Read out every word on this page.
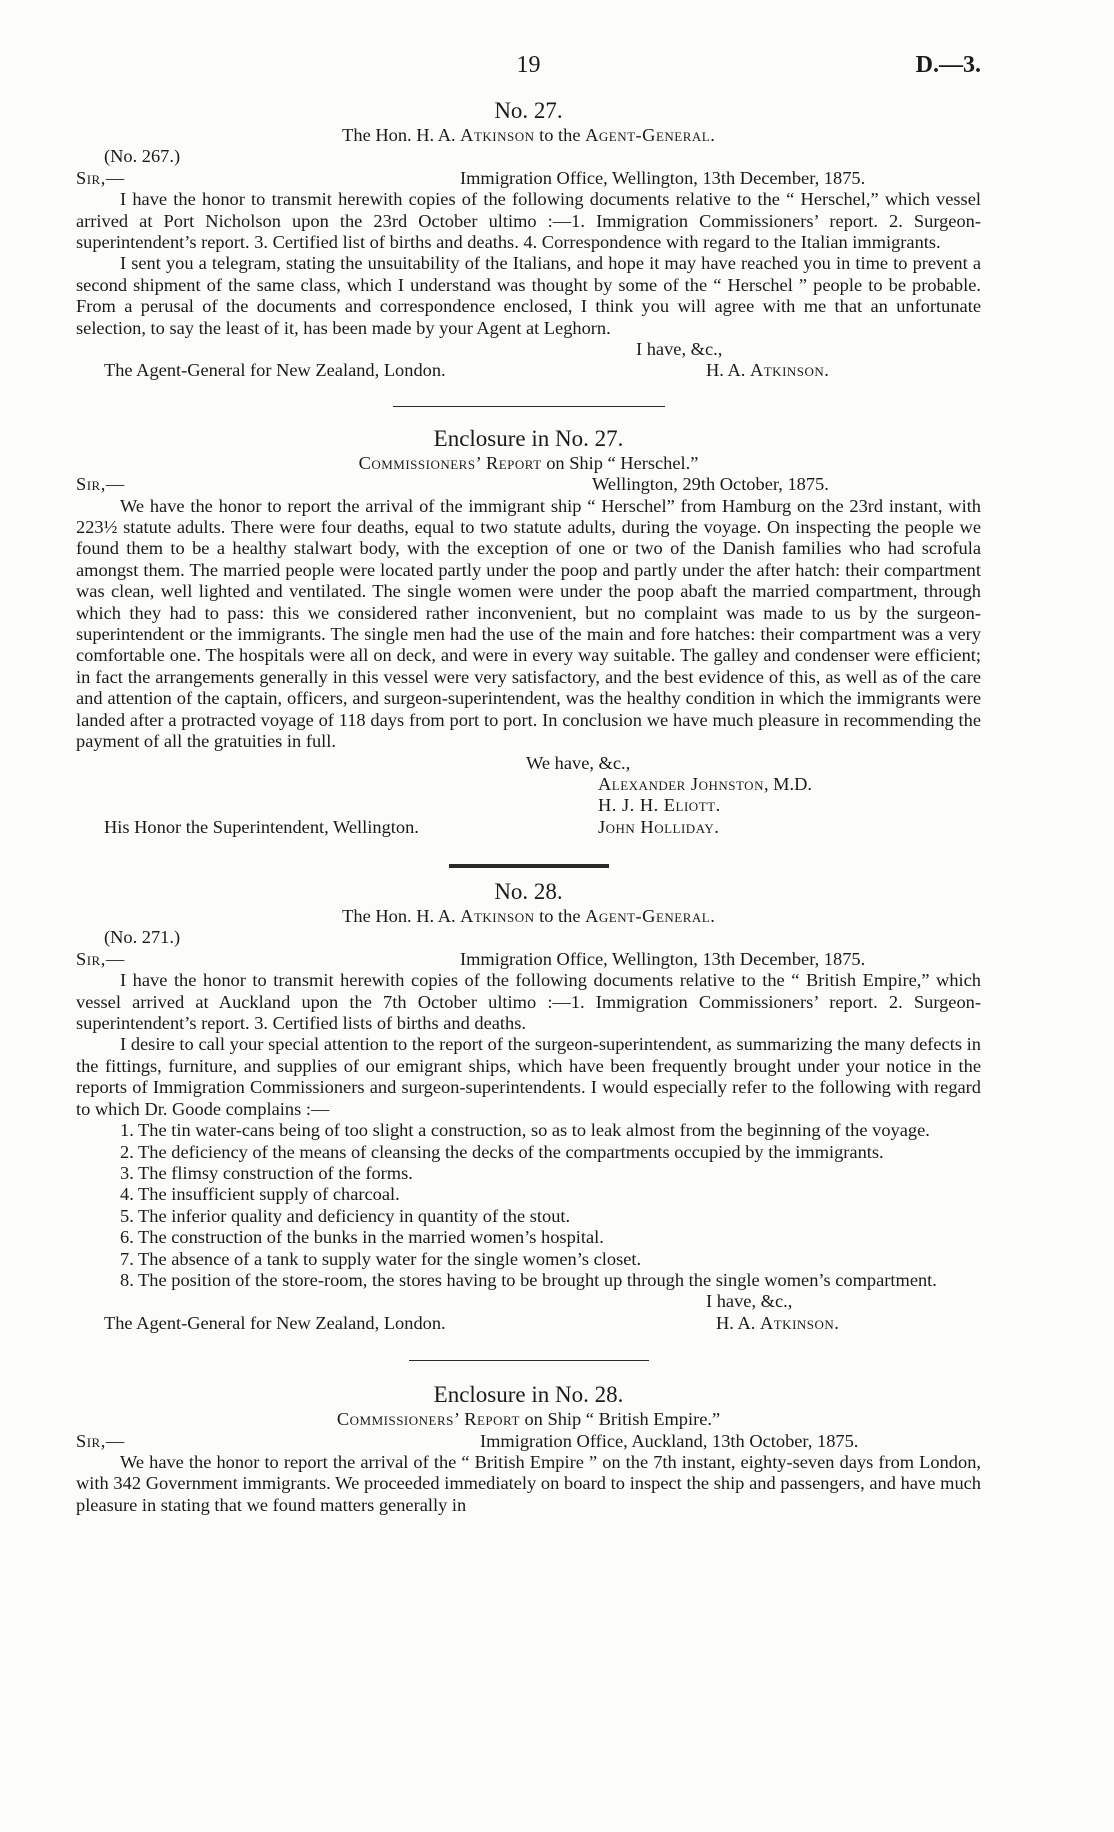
19	D.—3.
No. 27.
The Hon. H. A. Atkinson to the Agent-General.
(No. 267.)
Sir,—	Immigration Office, Wellington, 13th December, 1875.

I have the honor to transmit herewith copies of the following documents relative to the “ Herschel,” which vessel arrived at Port Nicholson upon the 23rd October ultimo :—1. Immigration Commissioners’ report. 2. Surgeon-superintendent’s report. 3. Certified list of births and deaths. 4. Correspondence with regard to the Italian immigrants.

I sent you a telegram, stating the unsuitability of the Italians, and hope it may have reached you in time to prevent a second shipment of the same class, which I understand was thought by some of the “ Herschel ” people to be probable. From a perusal of the documents and correspondence enclosed, I think you will agree with me that an unfortunate selection, to say the least of it, has been made by your Agent at Leghorn.

I have, &c.,
The Agent-General for New Zealand, London.	H. A. Atkinson.
Enclosure in No. 27.
Commissioners’ Report on Ship “ Herschel.”
Sir,—	Wellington, 29th October, 1875.

We have the honor to report the arrival of the immigrant ship “ Herschel” from Hamburg on the 23rd instant, with 223½ statute adults. There were four deaths, equal to two statute adults, during the voyage. On inspecting the people we found them to be a healthy stalwart body, with the exception of one or two of the Danish families who had scrofula amongst them. The married people were located partly under the poop and partly under the after hatch: their compartment was clean, well lighted and ventilated. The single women were under the poop abaft the married compartment, through which they had to pass: this we considered rather inconvenient, but no complaint was made to us by the surgeon-superintendent or the immigrants. The single men had the use of the main and fore hatches: their compartment was a very comfortable one. The hospitals were all on deck, and were in every way suitable. The galley and condenser were efficient; in fact the arrangements generally in this vessel were very satisfactory, and the best evidence of this, as well as of the care and attention of the captain, officers, and surgeon-superintendent, was the healthy condition in which the immigrants were landed after a protracted voyage of 118 days from port to port. In conclusion we have much pleasure in recommending the payment of all the gratuities in full.

We have, &c.,
Alexander Johnston, M.D.
H. J. H. Eliott.
His Honor the Superintendent, Wellington.	John Holliday.
No. 28.
The Hon. H. A. Atkinson to the Agent-General.
(No. 271.)
Sir,—	Immigration Office, Wellington, 13th December, 1875.

I have the honor to transmit herewith copies of the following documents relative to the “ British Empire,” which vessel arrived at Auckland upon the 7th October ultimo :—1. Immigration Commissioners’ report. 2. Surgeon-superintendent’s report. 3. Certified lists of births and deaths.

I desire to call your special attention to the report of the surgeon-superintendent, as summarizing the many defects in the fittings, furniture, and supplies of our emigrant ships, which have been frequently brought under your notice in the reports of Immigration Commissioners and surgeon-superintendents. I would especially refer to the following with regard to which Dr. Goode complains :—

1. The tin water-cans being of too slight a construction, so as to leak almost from the beginning of the voyage.

2. The deficiency of the means of cleansing the decks of the compartments occupied by the immigrants.

3. The flimsy construction of the forms.

4. The insufficient supply of charcoal.

5. The inferior quality and deficiency in quantity of the stout.

6. The construction of the bunks in the married women’s hospital.

7. The absence of a tank to supply water for the single women’s closet.

8. The position of the store-room, the stores having to be brought up through the single women’s compartment.

I have, &c.,
The Agent-General for New Zealand, London.	H. A. Atkinson.
Enclosure in No. 28.
Commissioners’ Report on Ship “ British Empire.”
Sir,—	Immigration Office, Auckland, 13th October, 1875.

We have the honor to report the arrival of the “ British Empire ” on the 7th instant, eighty-seven days from London, with 342 Government immigrants. We proceeded immediately on board to inspect the ship and passengers, and have much pleasure in stating that we found matters generally in
